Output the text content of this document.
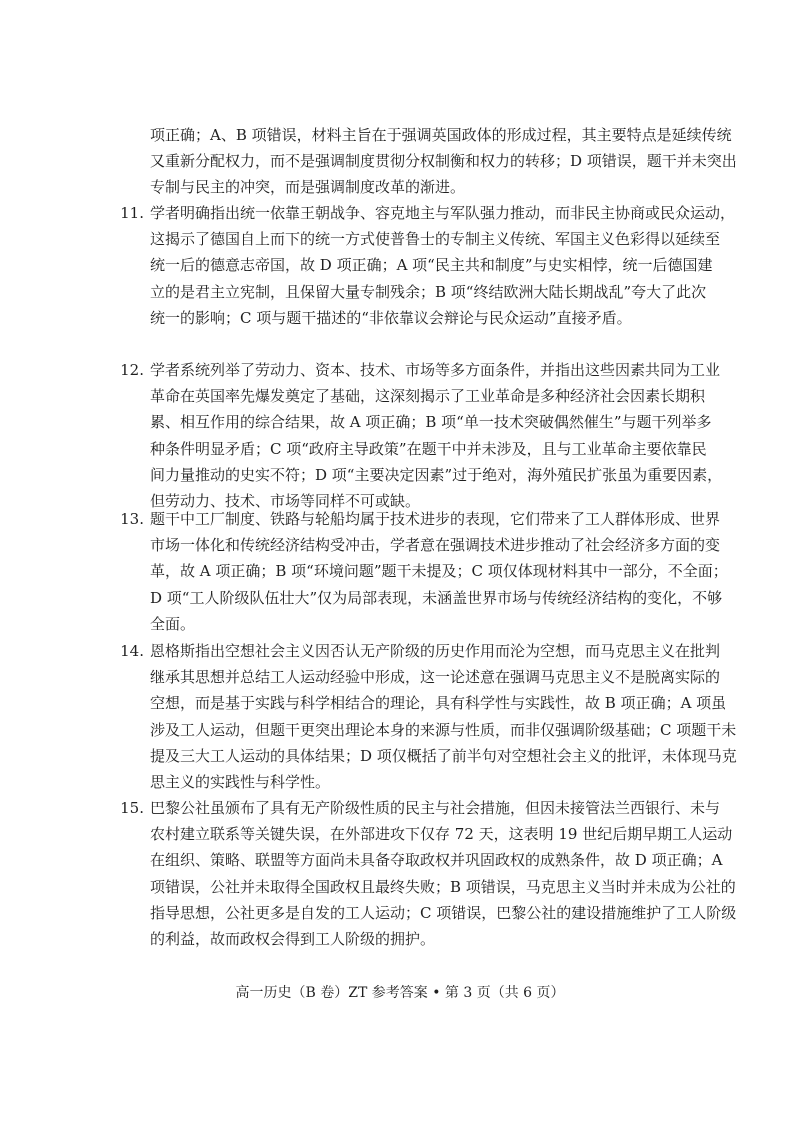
项正确；A、B 项错误，材料主旨在于强调英国政体的形成过程，其主要特点是延续传统
又重新分配权力，而不是强调制度贯彻分权制衡和权力的转移；D 项错误，题干并未突出
专制与民主的冲突，而是强调制度改革的渐进。
11. 学者明确指出统一依靠王朝战争、容克地主与军队强力推动，而非民主协商或民众运动，
这揭示了德国自上而下的统一方式使普鲁士的专制主义传统、军国主义色彩得以延续至
统一后的德意志帝国，故 D 项正确；A 项“民主共和制度”与史实相悖，统一后德国建
立的是君主立宪制，且保留大量专制残余；B 项“终结欧洲大陆长期战乱”夸大了此次
统一的影响；C 项与题干描述的“非依靠议会辩论与民众运动”直接矛盾。
12. 学者系统列举了劳动力、资本、技术、市场等多方面条件，并指出这些因素共同为工业
革命在英国率先爆发奠定了基础，这深刻揭示了工业革命是多种经济社会因素长期积
累、相互作用的综合结果，故 A 项正确；B 项“单一技术突破偶然催生”与题干列举多
种条件明显矛盾；C 项“政府主导政策”在题干中并未涉及，且与工业革命主要依靠民
间力量推动的史实不符；D 项“主要决定因素”过于绝对，海外殖民扩张虽为重要因素，
但劳动力、技术、市场等同样不可或缺。
13. 题干中工厂制度、铁路与轮船均属于技术进步的表现，它们带来了工人群体形成、世界
市场一体化和传统经济结构受冲击，学者意在强调技术进步推动了社会经济多方面的变
革，故 A 项正确；B 项“环境问题”题干未提及；C 项仅体现材料其中一部分，不全面；
D 项“工人阶级队伍壮大”仅为局部表现，未涵盖世界市场与传统经济结构的变化，不够
全面。
14. 恩格斯指出空想社会主义因否认无产阶级的历史作用而沦为空想，而马克思主义在批判
继承其思想并总结工人运动经验中形成，这一论述意在强调马克思主义不是脱离实际的
空想，而是基于实践与科学相结合的理论，具有科学性与实践性，故 B 项正确；A 项虽
涉及工人运动，但题干更突出理论本身的来源与性质，而非仅强调阶级基础；C 项题干未
提及三大工人运动的具体结果；D 项仅概括了前半句对空想社会主义的批评，未体现马克
思主义的实践性与科学性。
15. 巴黎公社虽颁布了具有无产阶级性质的民主与社会措施，但因未接管法兰西银行、未与
农村建立联系等关键失误，在外部进攻下仅存 72 天，这表明 19 世纪后期早期工人运动
在组织、策略、联盟等方面尚未具备夺取政权并巩固政权的成熟条件，故 D 项正确；A
项错误，公社并未取得全国政权且最终失败；B 项错误，马克思主义当时并未成为公社的
指导思想，公社更多是自发的工人运动；C 项错误，巴黎公社的建设措施维护了工人阶级
的利益，故而政权会得到工人阶级的拥护。
高一历史（B 卷）ZT 参考答案 • 第 3 页（共 6 页）
